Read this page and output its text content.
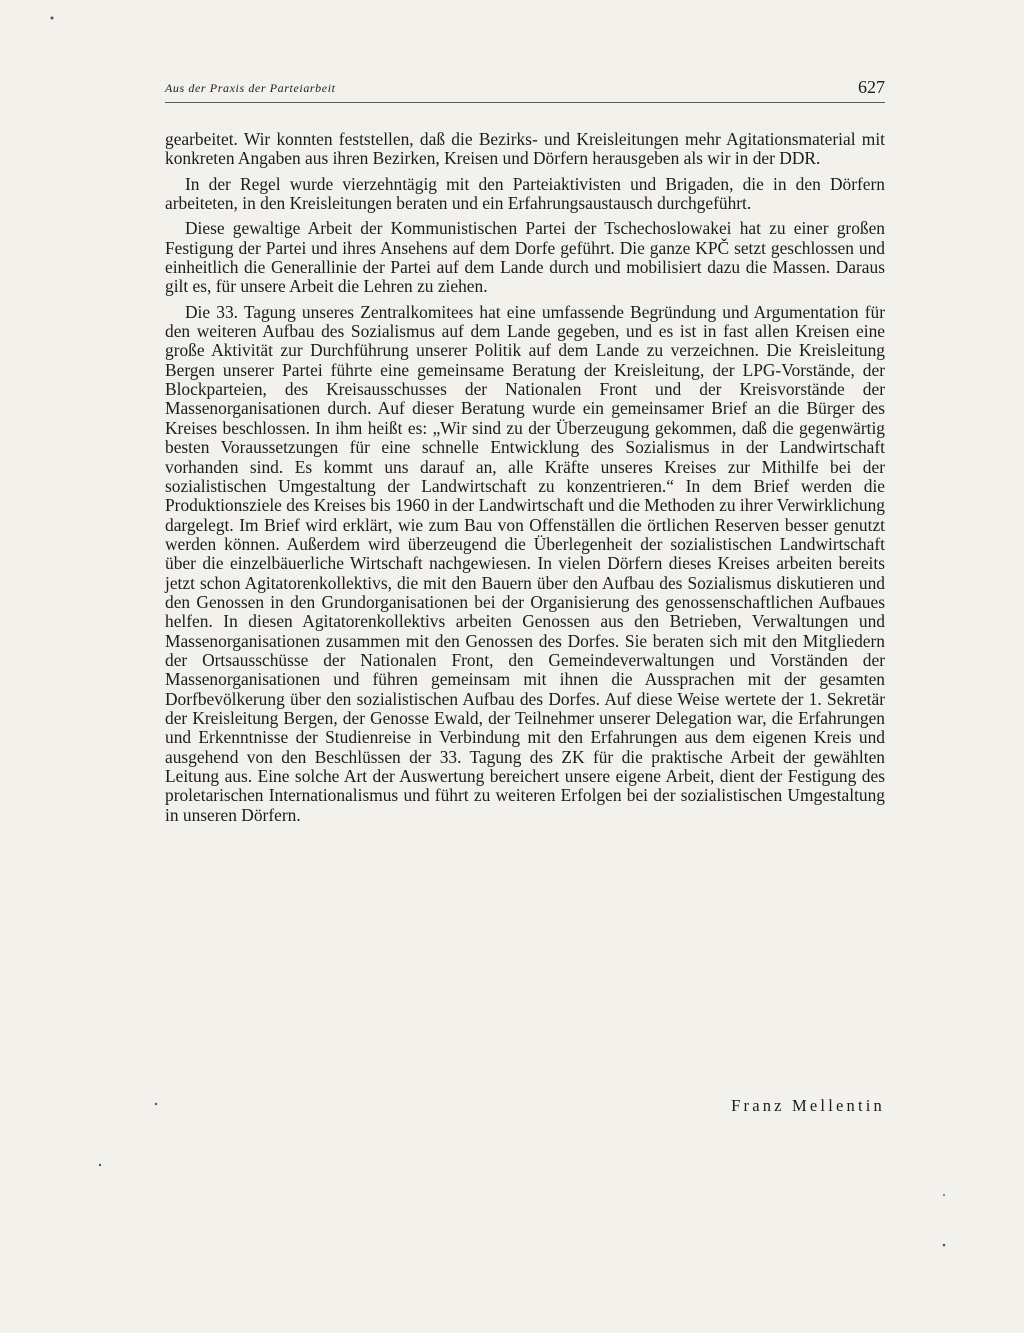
Aus der Praxis der Parteiarbeit	627

gearbeitet. Wir konnten feststellen, daß die Bezirks- und Kreisleitungen mehr Agitationsmaterial mit konkreten Angaben aus ihren Bezirken, Kreisen und Dörfern herausgeben als wir in der DDR.

In der Regel wurde vierzehntägig mit den Parteiaktivisten und Brigaden, die in den Dörfern arbeiteten, in den Kreisleitungen beraten und ein Erfahrungsaustausch durchgeführt.

Diese gewaltige Arbeit der Kommunistischen Partei der Tschechoslowakei hat zu einer großen Festigung der Partei und ihres Ansehens auf dem Dorfe geführt. Die ganze KPČ setzt geschlossen und einheitlich die Generallinie der Partei auf dem Lande durch und mobilisiert dazu die Massen. Daraus gilt es, für unsere Arbeit die Lehren zu ziehen.

Die 33. Tagung unseres Zentralkomitees hat eine umfassende Begründung und Argumentation für den weiteren Aufbau des Sozialismus auf dem Lande gegeben, und es ist in fast allen Kreisen eine große Aktivität zur Durchführung unserer Politik auf dem Lande zu verzeichnen. Die Kreisleitung Bergen unserer Partei führte eine gemeinsame Beratung der Kreisleitung, der LPG-Vorstände, der Blockparteien, des Kreisausschusses der Nationalen Front und der Kreisvorstände der Massenorganisationen durch. Auf dieser Beratung wurde ein gemeinsamer Brief an die Bürger des Kreises beschlossen. In ihm heißt es: „Wir sind zu der Überzeugung gekommen, daß die gegenwärtig besten Voraussetzungen für eine schnelle Entwicklung des Sozialismus in der Landwirtschaft vorhanden sind. Es kommt uns darauf an, alle Kräfte unseres Kreises zur Mithilfe bei der sozialistischen Umgestaltung der Landwirtschaft zu konzentrieren.“ In dem Brief werden die Produktionsziele des Kreises bis 1960 in der Landwirtschaft und die Methoden zu ihrer Verwirklichung dargelegt. Im Brief wird erklärt, wie zum Bau von Offenställen die örtlichen Reserven besser genutzt werden können. Außerdem wird überzeugend die Überlegenheit der sozialistischen Landwirtschaft über die einzelbäuerliche Wirtschaft nachgewiesen. In vielen Dörfern dieses Kreises arbeiten bereits jetzt schon Agitatorenkollektivs, die mit den Bauern über den Aufbau des Sozialismus diskutieren und den Genossen in den Grundorganisationen bei der Organisierung des genossenschaftlichen Aufbaues helfen. In diesen Agitatorenkollektivs arbeiten Genossen aus den Betrieben, Verwaltungen und Massenorganisationen zusammen mit den Genossen des Dorfes. Sie beraten sich mit den Mitgliedern der Ortsausschüsse der Nationalen Front, den Gemeindeverwaltungen und Vorständen der Massenorganisationen und führen gemeinsam mit ihnen die Aussprachen mit der gesamten Dorfbevölkerung über den sozialistischen Aufbau des Dorfes. Auf diese Weise wertete der 1. Sekretär der Kreisleitung Bergen, der Genosse Ewald, der Teilnehmer unserer Delegation war, die Erfahrungen und Erkenntnisse der Studienreise in Verbindung mit den Erfahrungen aus dem eigenen Kreis und ausgehend von den Beschlüssen der 33. Tagung des ZK für die praktische Arbeit der gewählten Leitung aus. Eine solche Art der Auswertung bereichert unsere eigene Arbeit, dient der Festigung des proletarischen Internationalismus und führt zu weiteren Erfolgen bei der sozialistischen Umgestaltung in unseren Dörfern.

Franz Mellentin
